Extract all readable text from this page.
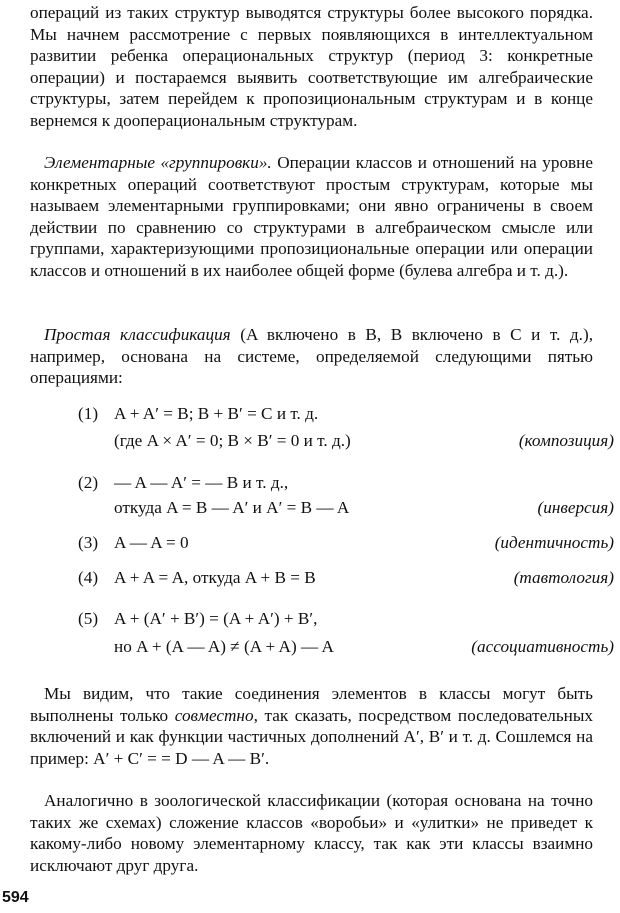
операций из таких структур выводятся структуры более высокого порядка. Мы начнем рассмотрение с первых появляющихся в интеллектуальном развитии ребенка операциональных структур (период 3: конкретные операции) и постараемся выявить соответствующие им алгебраические структуры, затем перейдем к пропозициональным структурам и в конце вернемся к дооперациональным структурам.
Элементарные «группировки». Операции классов и отношений на уровне конкретных операций соответствуют простым структурам, которые мы называем элементарными группировками; они явно ограничены в своем действии по сравнению со структурами в алгебраическом смысле или группами, характеризующими пропозициональные операции или операции классов и отношений в их наиболее общей форме (булева алгебра и т. д.).
Простая классификация (A включено в B, B включено в C и т. д.), например, основана на системе, определяемой следующими пятью операциями:
(1) A + A′ = B; B + B′ = C и т. д.
(где A × A′ = 0; B × B′ = 0 и т. д.)	(композиция)
(2) — A — A′ = — B и т. д.,
откуда A = B — A′ и A′ = B — A	(инверсия)
(3) A — A = 0	(идентичность)
(4) A + A = A, откуда A + B = B	(тавтология)
(5) A + (A′ + B′) = (A + A′) + B′,
но A + (A — A) ≠ (A + A) — A	(ассоциативность)
Мы видим, что такие соединения элементов в классы могут быть выполнены только совместно, так сказать, посредством последовательных включений и как функции частичных дополнений A′, B′ и т. д. Сошлемся на пример: A′ + C′ = = D — A — B′.
Аналогично в зоологической классификации (которая основана на точно таких же схемах) сложение классов «воробьи» и «улитки» не приведет к какому-либо новому элементарному классу, так как эти классы взаимно исключают друг друга.
594
